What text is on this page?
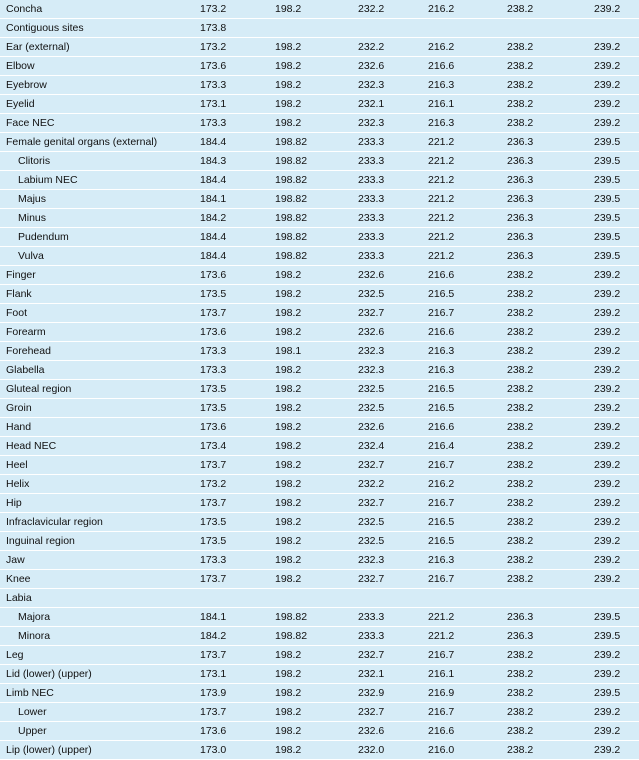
Concha	173.2	198.2	232.2	216.2	238.2	239.2
Contiguous sites	173.8					
Ear (external)	173.2	198.2	232.2	216.2	238.2	239.2
Elbow	173.6	198.2	232.6	216.6	238.2	239.2
Eyebrow	173.3	198.2	232.3	216.3	238.2	239.2
Eyelid	173.1	198.2	232.1	216.1	238.2	239.2
Face NEC	173.3	198.2	232.3	216.3	238.2	239.2
Female genital organs (external)	184.4	198.82	233.3	221.2	236.3	239.5
Clitoris	184.3	198.82	233.3	221.2	236.3	239.5
Labium NEC	184.4	198.82	233.3	221.2	236.3	239.5
Majus	184.1	198.82	233.3	221.2	236.3	239.5
Minus	184.2	198.82	233.3	221.2	236.3	239.5
Pudendum	184.4	198.82	233.3	221.2	236.3	239.5
Vulva	184.4	198.82	233.3	221.2	236.3	239.5
Finger	173.6	198.2	232.6	216.6	238.2	239.2
Flank	173.5	198.2	232.5	216.5	238.2	239.2
Foot	173.7	198.2	232.7	216.7	238.2	239.2
Forearm	173.6	198.2	232.6	216.6	238.2	239.2
Forehead	173.3	198.1	232.3	216.3	238.2	239.2
Glabella	173.3	198.2	232.3	216.3	238.2	239.2
Gluteal region	173.5	198.2	232.5	216.5	238.2	239.2
Groin	173.5	198.2	232.5	216.5	238.2	239.2
Hand	173.6	198.2	232.6	216.6	238.2	239.2
Head NEC	173.4	198.2	232.4	216.4	238.2	239.2
Heel	173.7	198.2	232.7	216.7	238.2	239.2
Helix	173.2	198.2	232.2	216.2	238.2	239.2
Hip	173.7	198.2	232.7	216.7	238.2	239.2
Infraclavicular region	173.5	198.2	232.5	216.5	238.2	239.2
Inguinal region	173.5	198.2	232.5	216.5	238.2	239.2
Jaw	173.3	198.2	232.3	216.3	238.2	239.2
Knee	173.7	198.2	232.7	216.7	238.2	239.2
Labia						
Majora	184.1	198.82	233.3	221.2	236.3	239.5
Minora	184.2	198.82	233.3	221.2	236.3	239.5
Leg	173.7	198.2	232.7	216.7	238.2	239.2
Lid (lower) (upper)	173.1	198.2	232.1	216.1	238.2	239.2
Limb NEC	173.9	198.2	232.9	216.9	238.2	239.5
Lower	173.7	198.2	232.7	216.7	238.2	239.2
Upper	173.6	198.2	232.6	216.6	238.2	239.2
Lip (lower) (upper)	173.0	198.2	232.0	216.0	238.2	239.2
